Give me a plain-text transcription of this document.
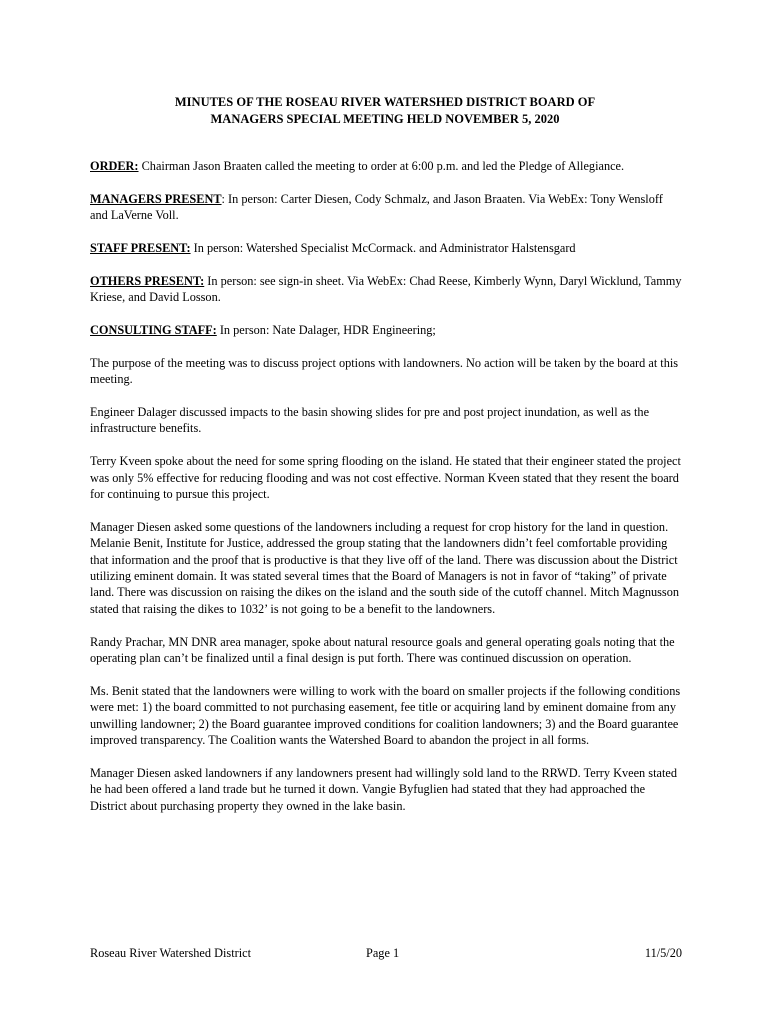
MINUTES OF THE ROSEAU RIVER WATERSHED DISTRICT BOARD OF
MANAGERS SPECIAL MEETING HELD NOVEMBER 5, 2020

ORDER: Chairman Jason Braaten called the meeting to order at 6:00 p.m. and led the Pledge of Allegiance.

MANAGERS PRESENT: In person: Carter Diesen, Cody Schmalz, and Jason Braaten. Via WebEx: Tony Wensloff and LaVerne Voll.

STAFF PRESENT: In person: Watershed Specialist McCormack. and Administrator Halstensgard

OTHERS PRESENT: In person: see sign-in sheet. Via WebEx: Chad Reese, Kimberly Wynn, Daryl Wicklund, Tammy Kriese, and David Losson.

CONSULTING STAFF: In person: Nate Dalager, HDR Engineering;

The purpose of the meeting was to discuss project options with landowners. No action will be taken by the board at this meeting.

Engineer Dalager discussed impacts to the basin showing slides for pre and post project inundation, as well as the infrastructure benefits.

Terry Kveen spoke about the need for some spring flooding on the island. He stated that their engineer stated the project was only 5% effective for reducing flooding and was not cost effective. Norman Kveen stated that they resent the board for continuing to pursue this project.

Manager Diesen asked some questions of the landowners including a request for crop history for the land in question. Melanie Benit, Institute for Justice, addressed the group stating that the landowners didn’t feel comfortable providing that information and the proof that is productive is that they live off of the land. There was discussion about the District utilizing eminent domain. It was stated several times that the Board of Managers is not in favor of “taking” of private land. There was discussion on raising the dikes on the island and the south side of the cutoff channel. Mitch Magnusson stated that raising the dikes to 1032’ is not going to be a benefit to the landowners.

Randy Prachar, MN DNR area manager, spoke about natural resource goals and general operating goals noting that the operating plan can’t be finalized until a final design is put forth. There was continued discussion on operation.

Ms. Benit stated that the landowners were willing to work with the board on smaller projects if the following conditions were met: 1) the board committed to not purchasing easement, fee title or acquiring land by eminent domaine from any unwilling landowner; 2) the Board guarantee improved conditions for coalition landowners; 3) and the Board guarantee improved transparency. The Coalition wants the Watershed Board to abandon the project in all forms.

Manager Diesen asked landowners if any landowners present had willingly sold land to the RRWD. Terry Kveen stated he had been offered a land trade but he turned it down. Vangie Byfuglien had stated that they had approached the District about purchasing property they owned in the lake basin.

Roseau River Watershed District	Page 1	11/5/20
